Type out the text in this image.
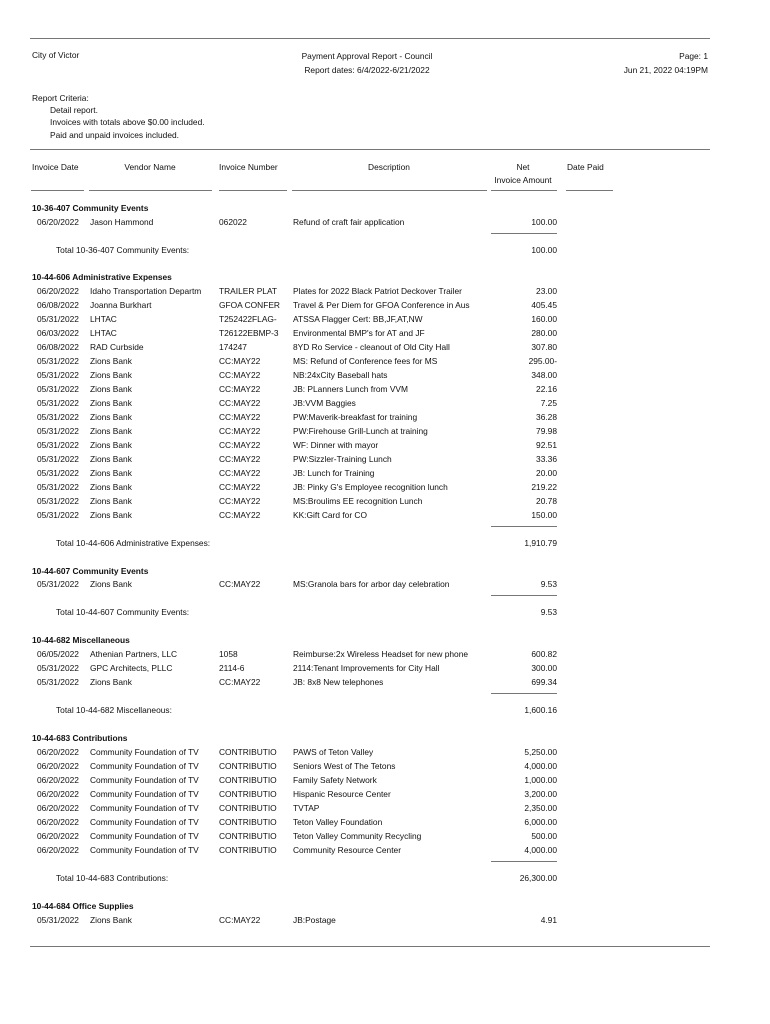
City of Victor	Payment Approval Report - Council
Report dates: 6/4/2022-6/21/2022
Page: 1
Jun 21, 2022 04:19PM
Report Criteria:
Detail report.
Invoices with totals above $0.00 included.
Paid and unpaid invoices included.
Invoice Date	Vendor Name	Invoice Number	Description	Net
Invoice Amount
Date Paid
10-36-407 Community Events
06/20/2022	Jason Hammond	062022	Refund of craft fair application	100.00
Total 10-36-407 Community Events:	100.00
10-44-606 Administrative Expenses
06/20/2022	Idaho Transportation Departm	TRAILER PLAT	Plates for 2022 Black Patriot Deckover Trailer	23.00
06/08/2022	Joanna Burkhart	GFOA CONFER	Travel & Per Diem for GFOA Conference in Aus	405.45
05/31/2022	LHTAC	T252422FLAG-	ATSSA Flagger Cert: BB,JF,AT,NW	160.00
06/03/2022	LHTAC	T26122EBMP-3	Environmental BMP's for AT and JF	280.00
06/08/2022	RAD Curbside	174247	8YD Ro Service - cleanout of Old City Hall	307.80
05/31/2022	Zions Bank	CC:MAY22	MS: Refund of Conference fees for MS	295.00-
05/31/2022	Zions Bank	CC:MAY22	NB:24xCity Baseball hats	348.00
05/31/2022	Zions Bank	CC:MAY22	JB: PLanners Lunch from VVM	22.16
05/31/2022	Zions Bank	CC:MAY22	JB:VVM Baggies	7.25
05/31/2022	Zions Bank	CC:MAY22	PW:Maverik-breakfast for training	36.28
05/31/2022	Zions Bank	CC:MAY22	PW:Firehouse Grill-Lunch at training	79.98
05/31/2022	Zions Bank	CC:MAY22	WF: Dinner with mayor	92.51
05/31/2022	Zions Bank	CC:MAY22	PW:Sizzler-Training Lunch	33.36
05/31/2022	Zions Bank	CC:MAY22	JB: Lunch for Training	20.00
05/31/2022	Zions Bank	CC:MAY22	JB: Pinky G's Employee recognition lunch	219.22
05/31/2022	Zions Bank	CC:MAY22	MS:Broulims EE recognition Lunch	20.78
05/31/2022	Zions Bank	CC:MAY22	KK:Gift Card for CO	150.00
Total 10-44-606 Administrative Expenses:	1,910.79
10-44-607 Community Events
05/31/2022	Zions Bank	CC:MAY22	MS:Granola bars for arbor day celebration	9.53
Total 10-44-607 Community Events:	9.53
10-44-682 Miscellaneous
06/05/2022	Athenian Partners, LLC	1058	Reimburse:2x Wireless Headset for new phone	600.82
05/31/2022	GPC Architects, PLLC	2114-6	2114:Tenant Improvements for City Hall	300.00
05/31/2022	Zions Bank	CC:MAY22	JB: 8x8 New telephones	699.34
Total 10-44-682 Miscellaneous:	1,600.16
10-44-683 Contributions
06/20/2022	Community Foundation of TV	CONTRIBUTIO	PAWS of Teton Valley	5,250.00
06/20/2022	Community Foundation of TV	CONTRIBUTIO	Seniors West of The Tetons	4,000.00
06/20/2022	Community Foundation of TV	CONTRIBUTIO	Family Safety Network	1,000.00
06/20/2022	Community Foundation of TV	CONTRIBUTIO	Hispanic Resource Center	3,200.00
06/20/2022	Community Foundation of TV	CONTRIBUTIO	TVTAP	2,350.00
06/20/2022	Community Foundation of TV	CONTRIBUTIO	Teton Valley Foundation	6,000.00
06/20/2022	Community Foundation of TV	CONTRIBUTIO	Teton Valley Community Recycling	500.00
06/20/2022	Community Foundation of TV	CONTRIBUTIO	Community Resource Center	4,000.00
Total 10-44-683 Contributions:	26,300.00
10-44-684 Office Supplies
05/31/2022	Zions Bank	CC:MAY22	JB:Postage	4.91
